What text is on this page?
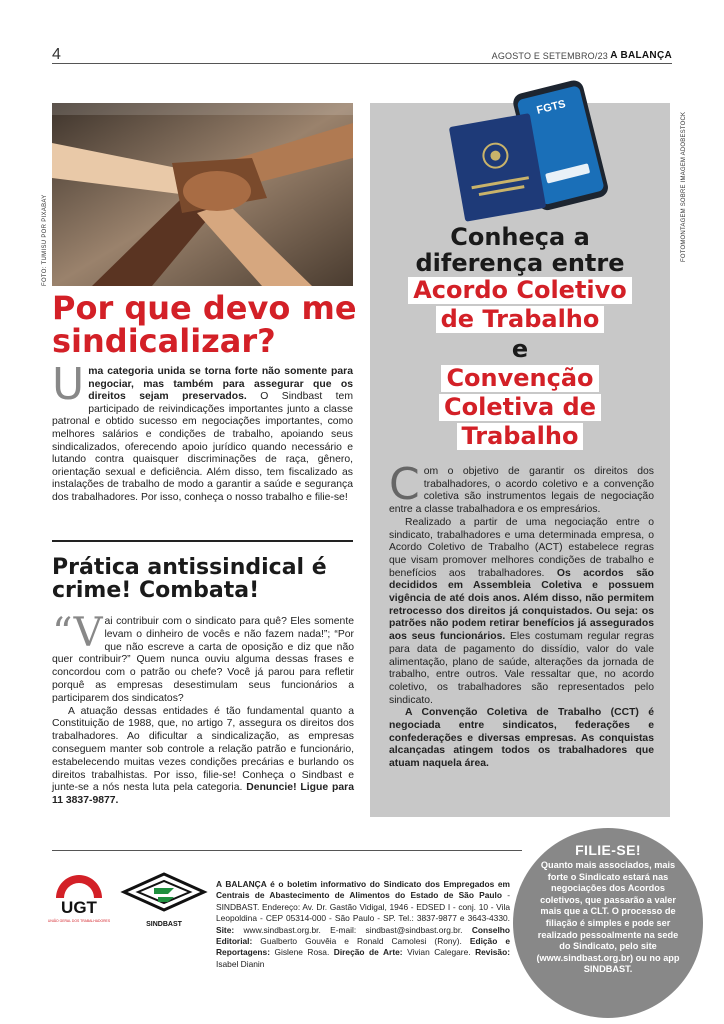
4	AGOSTO E SETEMBRO/23 A BALANÇA
FOTO: TUMISU POR PIXABAY
Por que devo me sindicalizar?
Uma categoria unida se torna forte não somente para negociar, mas também para assegurar que os direitos sejam preservados. O Sindbast tem participado de reivindicações importantes junto a classe patronal e obtido sucesso em negociações importantes, como melhores salários e condições de trabalho, apoiando seus sindicalizados, oferecendo apoio jurídico quando necessário e lutando contra quaisquer discriminações de raça, gênero, orientação sexual e deficiência. Além disso, tem fiscalizado as instalações de trabalho de modo a garantir a saúde e segurança dos trabalhadores. Por isso, conheça o nosso trabalho e filie-se!
Prática antissindical é crime! Combata!

“Vai contribuir com o sindicato para quê? Eles somente levam o dinheiro de vocês e não fazem nada!”; “Por que não escreve a carta de oposição e diz que não quer contribuir?” Quem nunca ouviu alguma dessas frases e concordou com o patrão ou chefe? Você já parou para refletir porquê as empresas desestimulam seus funcionários a participarem dos sindicatos?

A atuação dessas entidades é tão fundamental quanto a Constituição de 1988, que, no artigo 7, assegura os direitos dos trabalhadores. Ao dificultar a sindicalização, as empresas conseguem manter sob controle a relação patrão e funcionário, estabelecendo muitas vezes condições precárias e burlando os direitos trabalhistas. Por isso, filie-se! Conheça o Sindbast e junte-se a nós nesta luta pela categoria. Denuncie! Ligue para 11 3837-9877.

FOTOMONTAGEM SOBRE IMAGEM ADOBESTOCK
FGTS
Conheça a
diferença entre
Acordo Coletivo
de Trabalho
e
Convenção
Coletiva de
Trabalho

Com o objetivo de garantir os direitos dos trabalhadores, o acordo coletivo e a convenção coletiva são instrumentos legais de negociação entre a classe trabalhadora e os empresários.

Realizado a partir de uma negociação entre o sindicato, trabalhadores e uma determinada empresa, o Acordo Coletivo de Trabalho (ACT) estabelece regras que visam promover melhores condições de trabalho e benefícios aos trabalhadores. Os acordos são decididos em Assembleia Coletiva e possuem vigência de até dois anos. Além disso, não permitem retrocesso dos direitos já conquistados. Ou seja: os patrões não podem retirar benefícios já assegurados aos seus funcionários. Eles costumam regular regras para data de pagamento do dissídio, valor do vale alimentação, plano de saúde, alterações da jornada de trabalho, entre outros. Vale ressaltar que, no acordo coletivo, os trabalhadores são representados pelo sindicato.

A Convenção Coletiva de Trabalho (CCT) é negociada entre sindicatos, federações e confederações e diversas empresas. As conquistas alcançadas atingem todos os trabalhadores que atuam naquela área.

UGT
UNIÃO GERAL DOS TRABALHADORES	SINDBAST
A BALANÇA é o boletim informativo do Sindicato dos Empregados em Centrais de Abastecimento de Alimentos do Estado de São Paulo - SINDBAST. Endereço: Av. Dr. Gastão Vidigal, 1946 - EDSED I - conj. 10 - Vila Leopoldina - CEP 05314-000 - São Paulo - SP. Tel.: 3837-9877 e 3643-4330. Site: www.sindbast.org.br. E-mail: sindbast@sindbast.org.br. Conselho Editorial: Gualberto Gouvêia e Ronald Camolesi (Rony). Edição e Reportagens: Gislene Rosa. Direção de Arte: Vivian Calegare. Revisão: Isabel Dianin
FILIE-SE!
Quanto mais associados, mais forte o Sindicato estará nas negociações dos Acordos coletivos, que passarão a valer mais que a CLT. O processo de filiação é simples e pode ser realizado pessoalmente na sede do Sindicato, pelo site (www.sindbast.org.br) ou no app SINDBAST.
